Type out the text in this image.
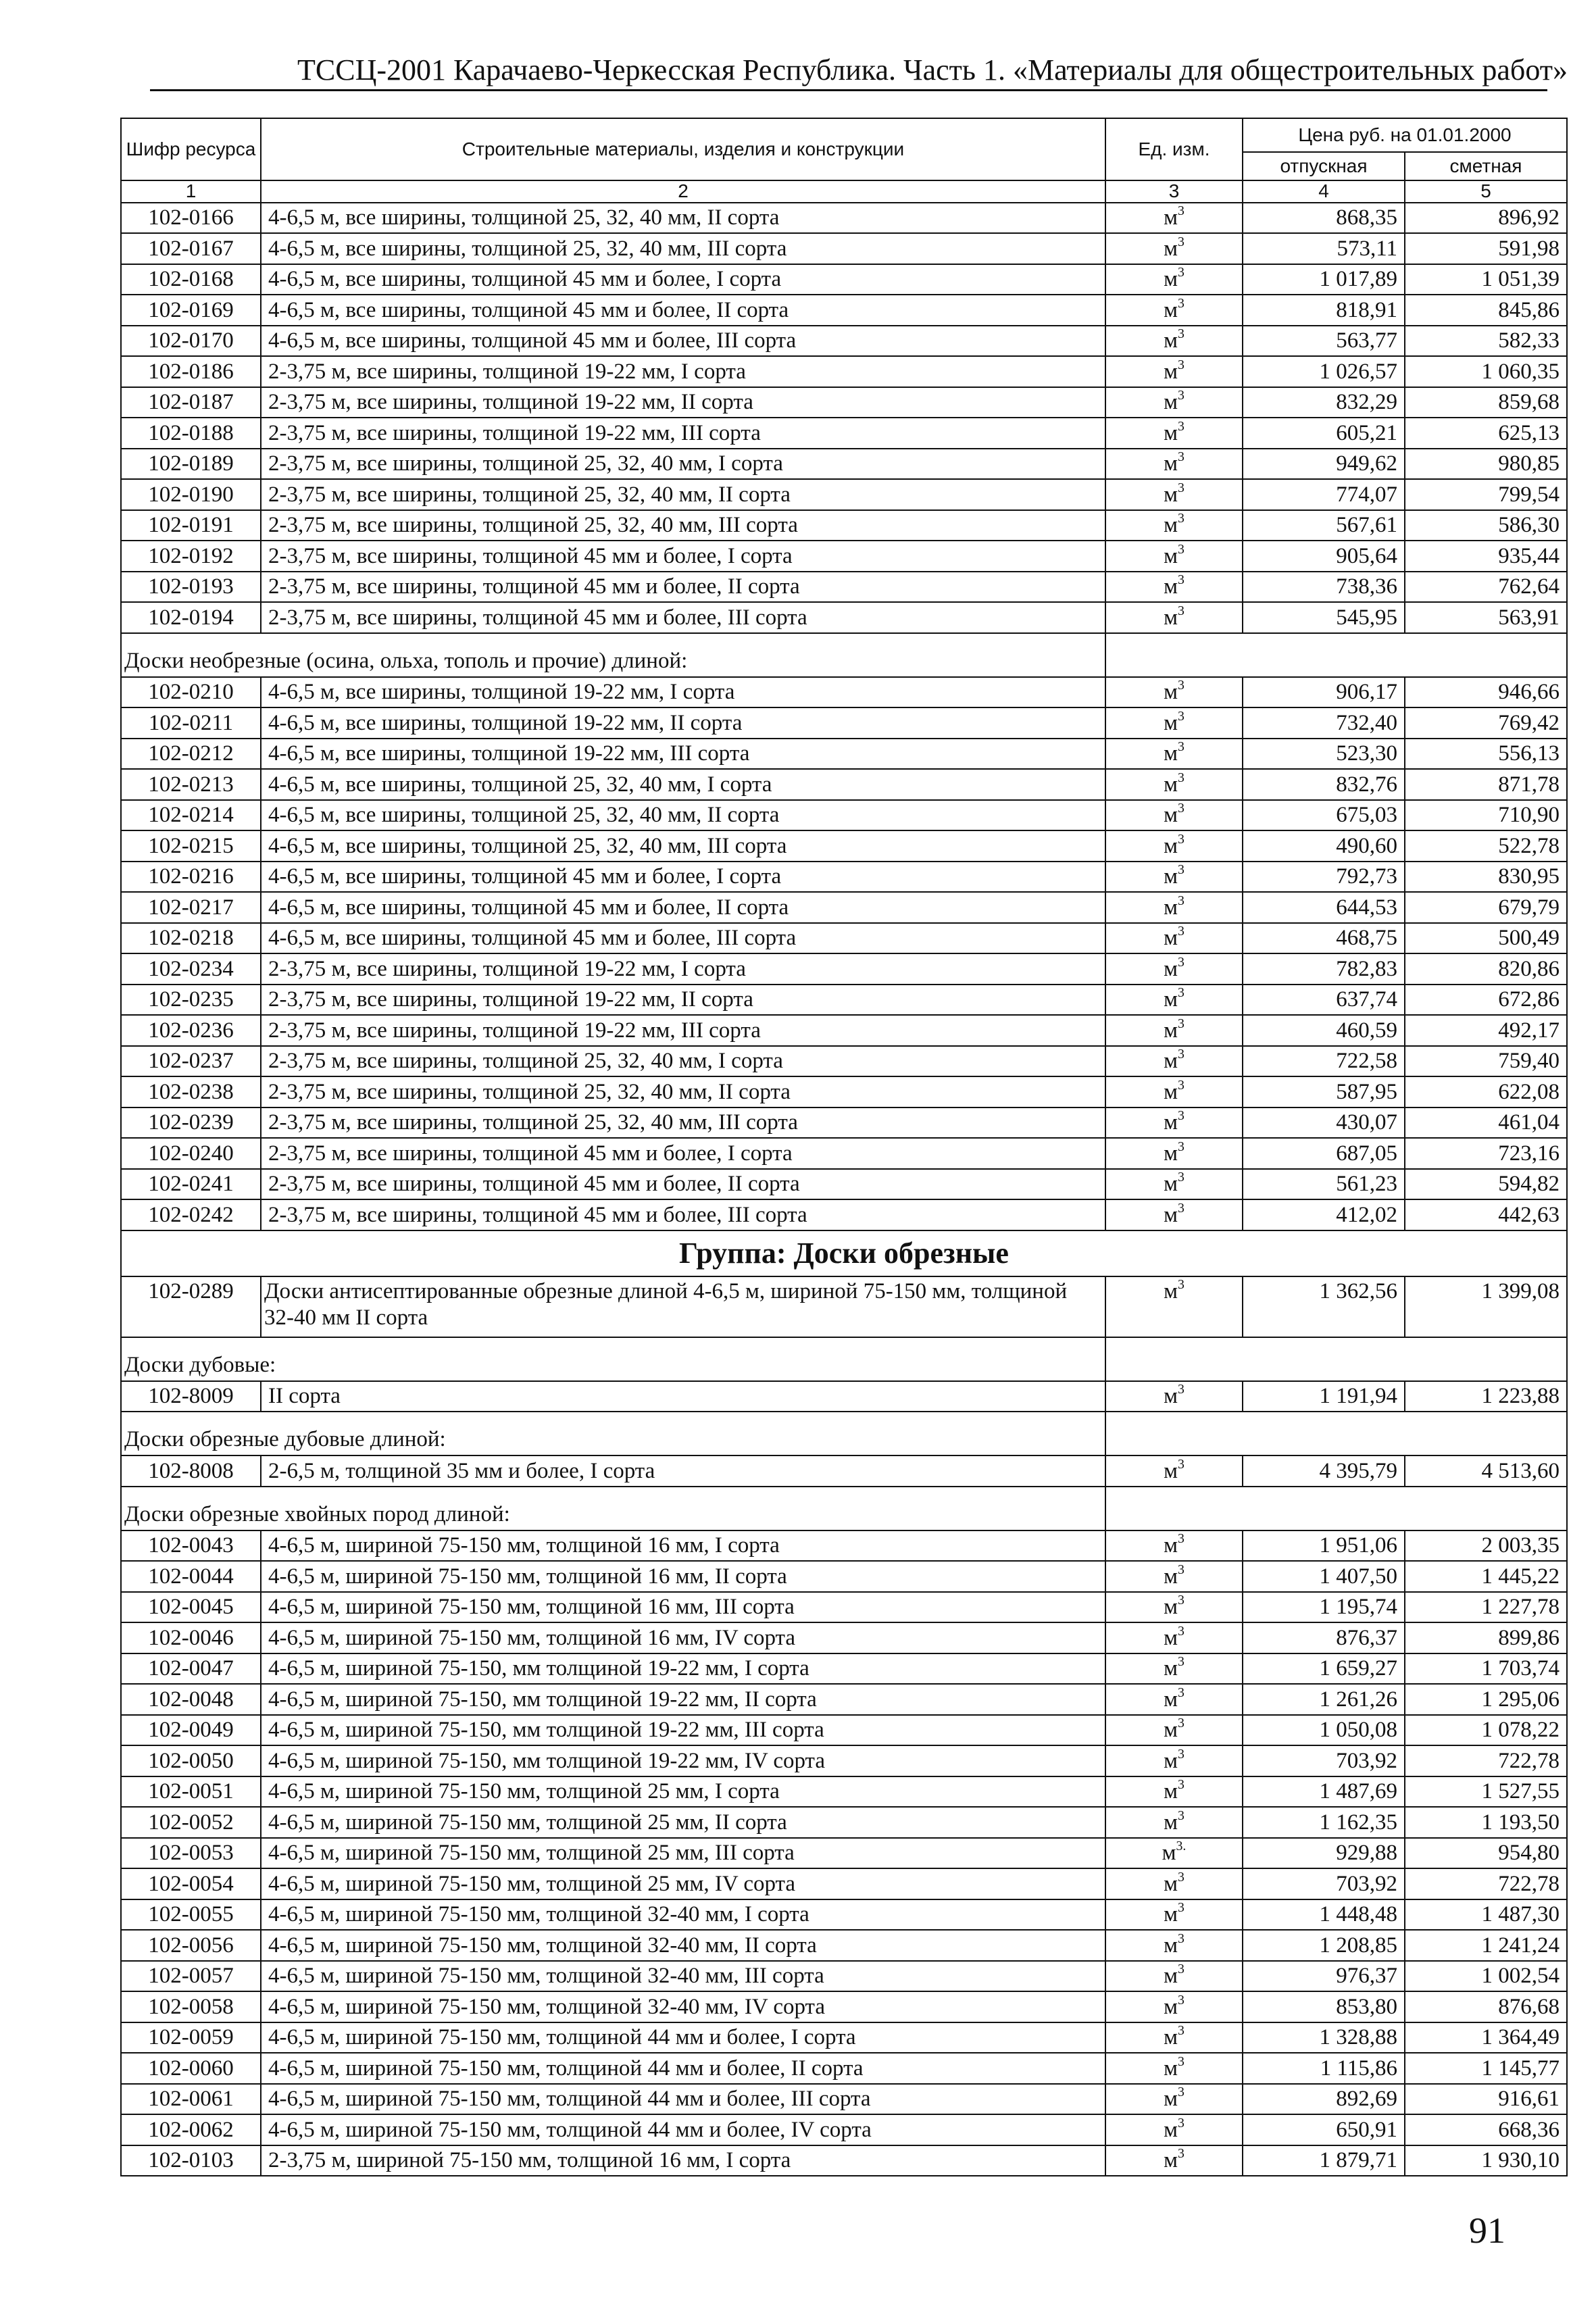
ТССЦ-2001 Карачаево-Черкесская Республика. Часть 1. «Материалы для общестроительных работ»
Шифр ресурса	Строительные материалы, изделия и конструкции	Ед. изм.	Цена руб. на 01.01.2000	
			отпускная	сметная
1	2	3	4	5
102-0166	4-6,5 м, все ширины, толщиной 25, 32, 40 мм, II сорта	$м^3$	868,35	896,92
102-0167	4-6,5 м, все ширины, толщиной 25, 32, 40 мм, III сорта	$м^3$	573,11	591,98
102-0168	4-6,5 м, все ширины, толщиной 45 мм и более, I сорта	$м^3$	1 017,89	1 051,39
102-0169	4-6,5 м, все ширины, толщиной 45 мм и более, II сорта	$м^3$	818,91	845,86
102-0170	4-6,5 м, все ширины, толщиной 45 мм и более, III сорта	$м^3$	563,77	582,33
102-0186	2-3,75 м, все ширины, толщиной 19-22 мм, I сорта	$м^3$	1 026,57	1 060,35
102-0187	2-3,75 м, все ширины, толщиной 19-22 мм, II сорта	$м^3$	832,29	859,68
102-0188	2-3,75 м, все ширины, толщиной 19-22 мм, III сорта	$м^3$	605,21	625,13
102-0189	2-3,75 м, все ширины, толщиной 25, 32, 40 мм, I сорта	$м^3$	949,62	980,85
102-0190	2-3,75 м, все ширины, толщиной 25, 32, 40 мм, II сорта	$м^3$	774,07	799,54
102-0191	2-3,75 м, все ширины, толщиной 25, 32, 40 мм, III сорта	$м^3$	567,61	586,30
102-0192	2-3,75 м, все ширины, толщиной 45 мм и более, I сорта	$м^3$	905,64	935,44
102-0193	2-3,75 м, все ширины, толщиной 45 мм и более, II сорта	$м^3$	738,36	762,64
102-0194	2-3,75 м, все ширины, толщиной 45 мм и более, III сорта	$м^3$	545,95	563,91
Доски необрезные (осина, ольха, тополь и прочие) длиной:				
102-0210	4-6,5 м, все ширины, толщиной 19-22 мм, I сорта	$м^3$	906,17	946,66
102-0211	4-6,5 м, все ширины, толщиной 19-22 мм, II сорта	$м^3$	732,40	769,42
102-0212	4-6,5 м, все ширины, толщиной 19-22 мм, III сорта	$м^3$	523,30	556,13
102-0213	4-6,5 м, все ширины, толщиной 25, 32, 40 мм, I сорта	$м^3$	832,76	871,78
102-0214	4-6,5 м, все ширины, толщиной 25, 32, 40 мм, II сорта	$м^3$	675,03	710,90
102-0215	4-6,5 м, все ширины, толщиной 25, 32, 40 мм, III сорта	$м^3$	490,60	522,78
102-0216	4-6,5 м, все ширины, толщиной 45 мм и более, I сорта	$м^3$	792,73	830,95
102-0217	4-6,5 м, все ширины, толщиной 45 мм и более, II сорта	$м^3$	644,53	679,79
102-0218	4-6,5 м, все ширины, толщиной 45 мм и более, III сорта	$м^3$	468,75	500,49
102-0234	2-3,75 м, все ширины, толщиной 19-22 мм, I сорта	$м^3$	782,83	820,86
102-0235	2-3,75 м, все ширины, толщиной 19-22 мм, II сорта	$м^3$	637,74	672,86
102-0236	2-3,75 м, все ширины, толщиной 19-22 мм, III сорта	$м^3$	460,59	492,17
102-0237	2-3,75 м, все ширины, толщиной 25, 32, 40 мм, I сорта	$м^3$	722,58	759,40
102-0238	2-3,75 м, все ширины, толщиной 25, 32, 40 мм, II сорта	$м^3$	587,95	622,08
102-0239	2-3,75 м, все ширины, толщиной 25, 32, 40 мм, III сорта	$м^3$	430,07	461,04
102-0240	2-3,75 м, все ширины, толщиной 45 мм и более, I сорта	$м^3$	687,05	723,16
102-0241	2-3,75 м, все ширины, толщиной 45 мм и более, II сорта	$м^3$	561,23	594,82
102-0242	2-3,75 м, все ширины, толщиной 45 мм и более, III сорта	$м^3$	412,02	442,63
Группа: Доски обрезные				
102-0289	Доски антисептированные обрезные длиной 4-6,5 м, шириной 75-150 мм, толщиной 32-40 мм II сорта	$м^3$	1 362,56	1 399,08
Доски дубовые:				
102-8009	II сорта	$м^3$	1 191,94	1 223,88
Доски обрезные дубовые длиной:				
102-8008	2-6,5 м, толщиной 35 мм и более, I сорта	$м^3$	4 395,79	4 513,60
Доски обрезные хвойных пород длиной:				
102-0043	4-6,5 м, шириной 75-150 мм, толщиной 16 мм, I сорта	$м^3$	1 951,06	2 003,35
102-0044	4-6,5 м, шириной 75-150 мм, толщиной 16 мм, II сорта	$м^3$	1 407,50	1 445,22
102-0045	4-6,5 м, шириной 75-150 мм, толщиной 16 мм, III сорта	$м^3$	1 195,74	1 227,78
102-0046	4-6,5 м, шириной 75-150 мм, толщиной 16 мм, IV сорта	$м^3$	876,37	899,86
102-0047	4-6,5 м, шириной 75-150, мм толщиной 19-22 мм, I сорта	$м^3$	1 659,27	1 703,74
102-0048	4-6,5 м, шириной 75-150, мм толщиной 19-22 мм, II сорта	$м^3$	1 261,26	1 295,06
102-0049	4-6,5 м, шириной 75-150, мм толщиной 19-22 мм, III сорта	$м^3$	1 050,08	1 078,22
102-0050	4-6,5 м, шириной 75-150, мм толщиной 19-22 мм, IV сорта	$м^3$	703,92	722,78
102-0051	4-6,5 м, шириной 75-150 мм, толщиной 25 мм, I сорта	$м^3$	1 487,69	1 527,55
102-0052	4-6,5 м, шириной 75-150 мм, толщиной 25 мм, II сорта	$м^3$	1 162,35	1 193,50
102-0053	4-6,5 м, шириной 75-150 мм, толщиной 25 мм, III сорта	$м^{3.}$	929,88	954,80
102-0054	4-6,5 м, шириной 75-150 мм, толщиной 25 мм, IV сорта	$м^3$	703,92	722,78
102-0055	4-6,5 м, шириной 75-150 мм, толщиной 32-40 мм, I сорта	$м^3$	1 448,48	1 487,30
102-0056	4-6,5 м, шириной 75-150 мм, толщиной 32-40 мм, II сорта	$м^3$	1 208,85	1 241,24
102-0057	4-6,5 м, шириной 75-150 мм, толщиной 32-40 мм, III сорта	$м^3$	976,37	1 002,54
102-0058	4-6,5 м, шириной 75-150 мм, толщиной 32-40 мм, IV сорта	$м^3$	853,80	876,68
102-0059	4-6,5 м, шириной 75-150 мм, толщиной 44 мм и более, I сорта	$м^3$	1 328,88	1 364,49
102-0060	4-6,5 м, шириной 75-150 мм, толщиной 44 мм и более, II сорта	$м^3$	1 115,86	1 145,77
102-0061	4-6,5 м, шириной 75-150 мм, толщиной 44 мм и более, III сорта	$м^3$	892,69	916,61
102-0062	4-6,5 м, шириной 75-150 мм, толщиной 44 мм и более, IV сорта	$м^3$	650,91	668,36
102-0103	2-3,75 м, шириной 75-150 мм, толщиной 16 мм, I сорта	$м^3$	1 879,71	1 930,10
91
